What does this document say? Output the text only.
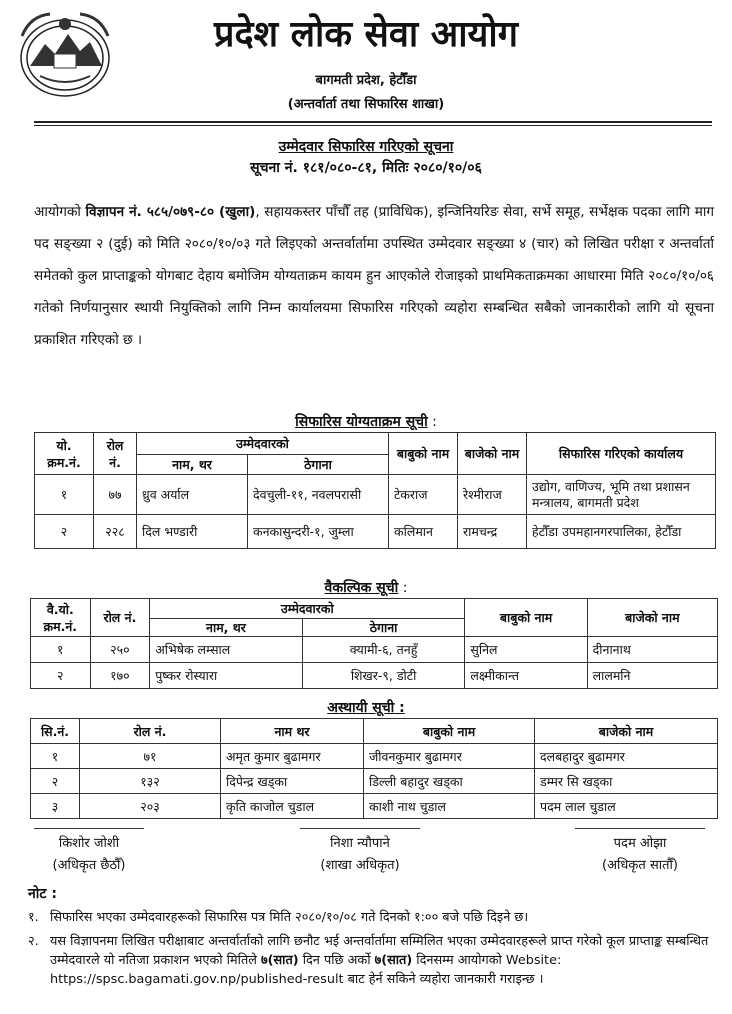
प्रदेश लोक सेवा आयोग
बागमती प्रदेश, हेटौँडा
(अन्तर्वार्ता तथा सिफारिस शाखा)
उम्मेदवार सिफारिस गरिएको सूचना
सूचना नं. १८१/०८०-८१, मितिः २०८०/१०/०६
आयोगको विज्ञापन नं. ५८५/०७९-८० (खुला), सहायकस्तर पाँचौँ तह (प्राविधिक), इन्जिनियरिङ सेवा, सर्भे समूह, सर्भेक्षक पदका लागि माग पद सङ्ख्या २ (दुई) को मिति २०८०/१०/०३ गते लिइएको अन्तर्वार्तामा उपस्थित उम्मेदवार सङ्ख्या ४ (चार) को लिखित परीक्षा र अन्तर्वार्ता समेतको कुल प्राप्ताङ्कको योगबाट देहाय बमोजिम योग्यताक्रम कायम हुन आएकोले रोजाइको प्राथमिकताक्रमका आधारमा मिति २०८०/१०/०६ गतेको निर्णयानुसार स्थायी नियुक्तिको लागि निम्न कार्यालयमा सिफारिस गरिएको व्यहोरा सम्बन्धित सबैको जानकारीको लागि यो सूचना प्रकाशित गरिएको छ ।
सिफारिस योग्यताक्रम सूची :
यो. क्रम.नं.	रोल नं.	उम्मेदवारको		बाबुको नाम	बाजेको नाम	सिफारिस गरिएको कार्यालय
		नाम, थर	ठेगाना			
१	७७	ध्रुव अर्याल	देवचुली-११, नवलपरासी	टेकराज	रेश्मीराज	उद्योग, वाणिज्य, भूमि तथा प्रशासन मन्त्रालय, बागमती प्रदेश
२	२२८	दिल भण्डारी	कनकासुन्दरी-१, जुम्ला	कलिमान	रामचन्द्र	हेटौँडा उपमहानगरपालिका, हेटौँडा
वैकल्पिक सूची :
वै.यो. क्रम.नं.	रोल नं.	उम्मेदवारको		बाबुको नाम	बाजेको नाम
		नाम, थर	ठेगाना		
१	२५०	अभिषेक लम्साल	क्यामी-६, तनहुँ	सुनिल	दीनानाथ
२	१७०	पुष्कर रोस्यारा	शिखर-९, डोटी	लक्ष्मीकान्त	लालमनि
अस्थायी सूची :
सि.नं.	रोल नं.	नाम थर	बाबुको नाम	बाजेको नाम
१	७१	अमृत कुमार बुढामगर	जीवनकुमार बुढामगर	दलबहादुर बुढामगर
२	१३२	दिपेन्द्र खड्का	डिल्ली बहादुर खड्का	डम्मर सि खड्का
३	२०३	कृति काजोल चुडाल	काशी नाथ चुडाल	पदम लाल चुडाल
किशोर जोशी
(अधिकृत छैठौँ)
निशा न्यौपाने
(शाखा अधिकृत)
पदम ओझा
(अधिकृत सातौँ)
नोट :
१. सिफारिस भएका उम्मेदवारहरूको सिफारिस पत्र मिति २०८०/१०/०८ गते दिनको १:०० बजे पछि दिइने छ।
२. यस विज्ञापनमा लिखित परीक्षाबाट अन्तर्वार्ताको लागि छनौट भई अन्तर्वार्तामा सम्मिलित भएका उम्मेदवारहरूले प्राप्त गरेको कूल प्राप्ताङ्क सम्बन्धित उम्मेदवारले यो नतिजा प्रकाशन भएको मितिले ७(सात) दिन पछि अर्को ७(सात) दिनसम्म आयोगको Website: https://spsc.bagamati.gov.np/published-result बाट हेर्न सकिने व्यहोरा जानकारी गराइन्छ ।
